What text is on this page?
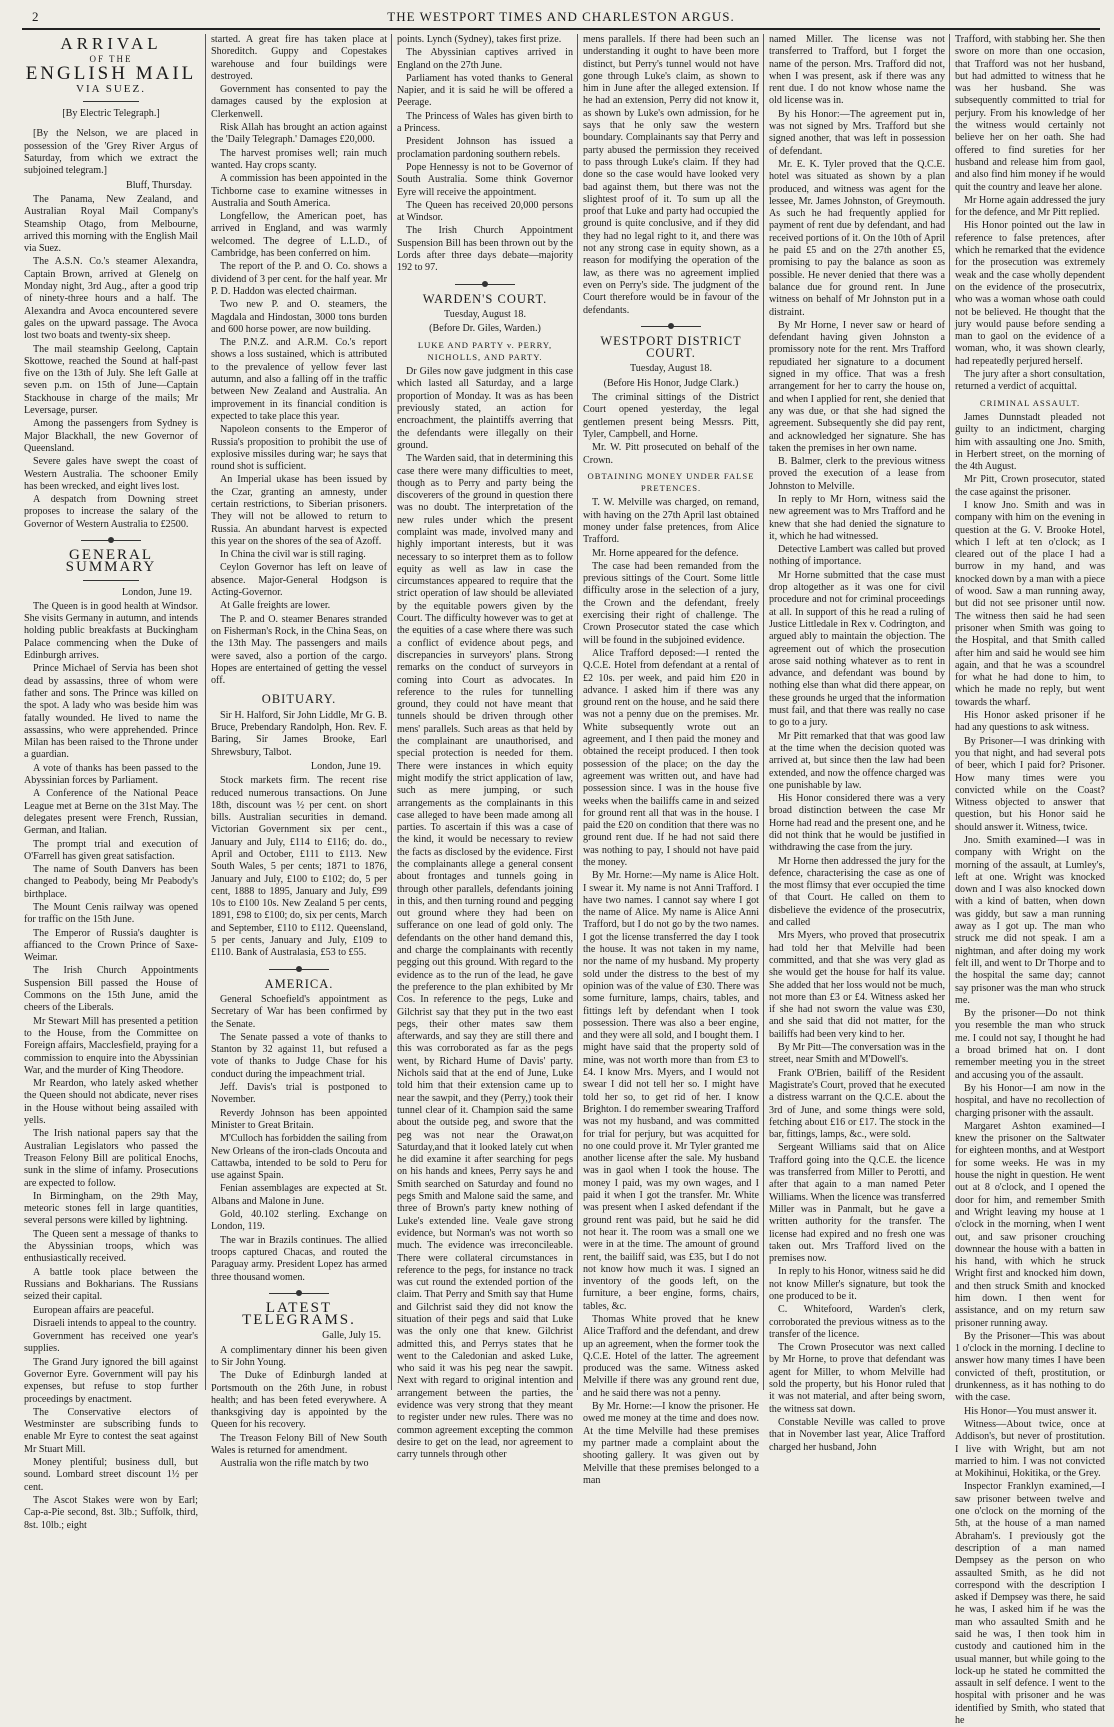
2	THE WESTPORT TIMES AND CHARLESTON ARGUS.
ARRIVAL
OF THE
ENGLISH MAIL
VIA SUEZ.

[By Electric Telegraph.]

[By the Nelson, we are placed in possession of the 'Grey River Argus of Saturday, from which we extract the subjoined telegram.]

Bluff, Thursday.

The Panama, New Zealand, and Australian Royal Mail Company's Steamship Otago, from Melbourne, arrived this morning with the English Mail via Suez.

The A.S.N. Co.'s steamer Alexandra, Captain Brown, arrived at Glenelg on Monday night, 3rd Aug., after a good trip of ninety-three hours and a half. The Alexandra and Avoca encountered severe gales on the upward passage. The Avoca lost two boats and twenty-six sheep.

The mail steamship Geelong, Captain Skottowe, reached the Sound at half-past five on the 13th of July. She left Galle at seven p.m. on 15th of June—Captain Stackhouse in charge of the mails; Mr Leversage, purser.

Among the passengers from Sydney is Major Blackhall, the new Governor of Queensland.

Severe gales have swept the coast of Western Australia. The schooner Emily has been wrecked, and eight lives lost.

A despatch from Downing street proposes to increase the salary of the Governor of Western Australia to £2500.

GENERAL SUMMARY

London, June 19.

The Queen is in good health at Windsor. She visits Germany in autumn, and intends holding public breakfasts at Buckingham Palace commencing when the Duke of Edinburgh arrives.

Prince Michael of Servia has been shot dead by assassins, three of whom were father and sons. The Prince was killed on the spot. A lady who was beside him was fatally wounded. He lived to name the assassins, who were apprehended. Prince Milan has been raised to the Throne under a guardian.

A vote of thanks has been passed to the Abyssinian forces by Parliament.

A Conference of the National Peace League met at Berne on the 31st May. The delegates present were French, Russian, German, and Italian.

The prompt trial and execution of O'Farrell has given great satisfaction.

The name of South Danvers has been changed to Peabody, being Mr Peabody's birthplace.

The Mount Cenis railway was opened for traffic on the 15th June.

The Emperor of Russia's daughter is affianced to the Crown Prince of Saxe-Weimar.

The Irish Church Appointments Suspension Bill passed the House of Commons on the 15th June, amid the cheers of the Liberals.

Mr Stewart Mill has presented a petition to the House, from the Committee on Foreign affairs, Macclesfield, praying for a commission to enquire into the Abyssinian War, and the murder of King Theodore.

Mr Reardon, who lately asked whether the Queen should not abdicate, never rises in the House without being assailed with yells.

The Irish national papers say that the Australian Legislators who passed the Treason Felony Bill are political Enochs, sunk in the slime of infamy. Prosecutions are expected to follow.

In Birmingham, on the 29th May, meteoric stones fell in large quantities, several persons were killed by lightning.

The Queen sent a message of thanks to the Abyssinian troops, which was enthusiastically received.

A battle took place between the Russians and Bokharians. The Russians seized their capital.

European affairs are peaceful.

Disraeli intends to appeal to the country.

Government has received one year's supplies.

The Grand Jury ignored the bill against Governor Eyre. Government will pay his expenses, but refuse to stop further proceedings by enactment.

The Conservative electors of Westminster are subscribing funds to enable Mr Eyre to contest the seat against Mr Stuart Mill.

Money plentiful; business dull, but sound. Lombard street discount 1½ per cent.

The Ascot Stakes were won by Earl; Cap-a-Pie second, 8st. 3lb.; Suffolk, third, 8st. 10lb.; eight

started. A great fire has taken place at Shoreditch. Guppy and Copestakes warehouse and four buildings were destroyed.

Government has consented to pay the damages caused by the explosion at Clerkenwell.

Risk Allah has brought an action against the 'Daily Telegraph.' Damages £20,000.

The harvest promises well; rain much wanted. Hay crops scanty.

A commission has been appointed in the Tichborne case to examine witnesses in Australia and South America.

Longfellow, the American poet, has arrived in England, and was warmly welcomed. The degree of L.L.D., of Cambridge, has been conferred on him.

The report of the P. and O. Co. shows a dividend of 3 per cent. for the half year. Mr P. D. Haddon was elected chairman.

Two new P. and O. steamers, the Magdala and Hindostan, 3000 tons burden and 600 horse power, are now building.

The P.N.Z. and A.R.M. Co.'s report shows a loss sustained, which is attributed to the prevalence of yellow fever last autumn, and also a falling off in the traffic between New Zealand and Australia. An improvement in its financial condition is expected to take place this year.

Napoleon consents to the Emperor of Russia's proposition to prohibit the use of explosive missiles during war; he says that round shot is sufficient.

An Imperial ukase has been issued by the Czar, granting an amnesty, under certain restrictions, to Siberian prisoners. They will not be allowed to return to Russia. An abundant harvest is expected this year on the shores of the sea of Azoff.

In China the civil war is still raging.

Ceylon Governor has left on leave of absence. Major-General Hodgson is Acting-Governor.

At Galle freights are lower.

The P. and O. steamer Benares stranded on Fisherman's Rock, in the China Seas, on the 13th May. The passengers and mails were saved, also a portion of the cargo. Hopes are entertained of getting the vessel off.

OBITUARY.

Sir H. Halford, Sir John Liddle, Mr G. B. Bruce, Prebendary Randolph, Hon. Rev. F. Baring, Sir James Brooke, Earl Shrewsbury, Talbot.

London, June 19.

Stock markets firm. The recent rise reduced numerous transactions. On June 18th, discount was ½ per cent. on short bills. Australian securities in demand. Victorian Government six per cent., January and July, £114 to £116; do. do., April and October, £111 to £113. New South Wales, 5 per cents; 1871 to 1876, January and July, £100 to £102; do, 5 per cent, 1888 to 1895, January and July, £99 10s to £100 10s. New Zealand 5 per cents, 1891, £98 to £100; do, six per cents, March and September, £110 to £112. Queensland, 5 per cents, January and July, £109 to £110. Bank of Australasia, £53 to £55.

AMERICA.

General Schoefield's appointment as Secretary of War has been confirmed by the Senate.

The Senate passed a vote of thanks to Stanton by 32 against 11, but refused a vote of thanks to Judge Chase for his conduct during the impeachment trial.

Jeff. Davis's trial is postponed to November.

Reverdy Johnson has been appointed Minister to Great Britain.

M'Culloch has forbidden the sailing from New Orleans of the iron-clads Oncouta and Cattawba, intended to be sold to Peru for use against Spain.

Fenian assemblages are expected at St. Albans and Malone in June.

Gold, 40.102 sterling. Exchange on London, 119.

The war in Brazils continues. The allied troops captured Chacas, and routed the Paraguay army. President Lopez has armed three thousand women.

LATEST TELEGRAMS.

Galle, July 15.

A complimentary dinner his been given to Sir John Young.

The Duke of Edinburgh landed at Portsmouth on the 26th June, in robust health; and has been feted everywhere. A thanksgiving day is appointed by the Queen for his recovery.

The Treason Felony Bill of New South Wales is returned for amendment.

Australia won the rifle match by two

points. Lynch (Sydney), takes first prize.

The Abyssinian captives arrived in England on the 27th June.

Parliament has voted thanks to General Napier, and it is said he will be offered a Peerage.

The Princess of Wales has given birth to a Princess.

President Johnson has issued a proclamation pardoning southern rebels.

Pope Hennessy is not to be Governor of South Australia. Some think Governor Eyre will receive the appointment.

The Queen has received 20,000 persons at Windsor.

The Irish Church Appointment Suspension Bill has been thrown out by the Lords after three days debate—majority 192 to 97.

WARDEN'S COURT.

Tuesday, August 18.

(Before Dr. Giles, Warden.)

LUKE AND PARTY v. PERRY, NICHOLLS, AND PARTY.

Dr Giles now gave judgment in this case which lasted all Saturday, and a large proportion of Monday. It was as has been previously stated, an action for encroachment, the plaintiffs averring that the defendants were illegally on their ground.

The Warden said, that in determining this case there were many difficulties to meet, though as to Perry and party being the discoverers of the ground in question there was no doubt. The interpretation of the new rules under which the present complaint was made, involved many and highly important interests, but it was necessary to so interpret them as to follow equity as well as law in case the circumstances appeared to require that the strict operation of law should be alleviated by the equitable powers given by the Court. The difficulty however was to get at the equities of a case where there was such a conflict of evidence about pegs, and discrepancies in surveyors' plans. Strong remarks on the conduct of surveyors in coming into Court as advocates. In reference to the rules for tunnelling ground, they could not have meant that tunnels should be driven through other mens' parallels. Such areas as that held by the complainant are unauthorised, and special protection is needed for them. There were instances in which equity might modify the strict application of law, such as mere jumping, or such arrangements as the complainants in this case alleged to have been made among all parties. To ascertain if this was a case of the kind, it would be necessary to review the facts as disclosed by the evidence. First the complainants allege a general consent about frontages and tunnels going in through other parallels, defendants joining in this, and then turning round and pegging out ground where they had been on sufferance on one lead of gold only. The defendants on the other hand demand this, and charge the complainants with recently pegging out this ground. With regard to the evidence as to the run of the lead, he gave the preference to the plan exhibited by Mr Cos. In reference to the pegs, Luke and Gilchrist say that they put in the two east pegs, their other mates saw them afterwards, and say they are still there and this was corroborated as far as the pegs went, by Richard Hume of Davis' party. Nichols said that at the end of June, Luke told him that their extension came up to near the sawpit, and they (Perry,) took their tunnel clear of it. Champion said the same about the outside peg, and swore that the peg was not near the Orawat,on Saturday,and that it looked lately cut when he did examine it after searching for pegs on his hands and knees, Perry says he and Smith searched on Saturday and found no pegs Smith and Malone said the same, and three of Brown's party knew nothing of Luke's extended line. Veale gave strong evidence, but Norman's was not worth so much. The evidence was irreconcileable. There were collateral circumstances in reference to the pegs, for instance no track was cut round the extended portion of the claim. That Perry and Smith say that Hume and Gilchrist said they did not know the situation of their pegs and said that Luke was the only one that knew. Gilchrist admitted this, and Perrys states that he went to the Caledonian and asked Luke, who said it was his peg near the sawpit. Next with regard to original intention and arrangement between the parties, the evidence was very strong that they meant to register under new rules. There was no common agreement excepting the common desire to get on the lead, nor agreement to carry tunnels through other

mens parallels. If there had been such an understanding it ought to have been more distinct, but Perry's tunnel would not have gone through Luke's claim, as shown to him in June after the alleged extension. If he had an extension, Perry did not know it, as shown by Luke's own admission, for he says that he only saw the western boundary. Complainants say that Perry and party abused the permission they received to pass through Luke's claim. If they had done so the case would have looked very bad against them, but there was not the slightest proof of it. To sum up all the proof that Luke and party had occupied the ground is quite conclusive, and if they did they had no legal right to it, and there was not any strong case in equity shown, as a reason for modifying the operation of the law, as there was no agreement implied even on Perry's side. The judgment of the Court therefore would be in favour of the defendants.

WESTPORT DISTRICT COURT.

Tuesday, August 18.

(Before His Honor, Judge Clark.)

The criminal sittings of the District Court opened yesterday, the legal gentlemen present being Messrs. Pitt, Tyler, Campbell, and Horne.

Mr. W. Pitt prosecuted on behalf of the Crown.

OBTAINING MONEY UNDER FALSE PRETENCES.

T. W. Melville was charged, on remand, with having on the 27th April last obtained money under false pretences, from Alice Trafford.

Mr. Horne appeared for the defence.

The case had been remanded from the previous sittings of the Court. Some little difficulty arose in the selection of a jury, the Crown and the defendant, freely exercising their right of challenge. The Crown Prosecutor stated the case which will be found in the subjoined evidence.

Alice Trafford deposed:—I rented the Q.C.E. Hotel from defendant at a rental of £2 10s. per week, and paid him £20 in advance. I asked him if there was any ground rent on the house, and he said there was not a penny due on the premises. Mr. White subsequently wrote out an agreement, and I then paid the money and obtained the receipt produced. I then took possession of the place; on the day the agreement was written out, and have had possession since. I was in the house five weeks when the bailiffs came in and seized for ground rent all that was in the house. I paid the £20 on condition that there was no ground rent due. If he had not said there was nothing to pay, I should not have paid the money.

By Mr. Horne:—My name is Alice Holt. I swear it. My name is not Anni Trafford. I have two names. I cannot say where I got the name of Alice. My name is Alice Anni Trafford, but I do not go by the two names. I got the license transferred the day I took the house. It was not taken in my name, nor the name of my husband. My property sold under the distress to the best of my opinion was of the value of £30. There was some furniture, lamps, chairs, tables, and fittings left by defendant when I took possession. There was also a beer engine, and they were all sold, and I bought them. I might have said that the property sold of mine, was not worth more than from £3 to £4. I know Mrs. Myers, and I would not swear I did not tell her so. I might have told her so, to get rid of her. I know Brighton. I do remember swearing Trafford was not my husband, and was committed for trial for perjury, but was acquitted for no one could prove it. Mr Tyler granted me another license after the sale. My husband was in gaol when I took the house. The money I paid, was my own wages, and I paid it when I got the transfer. Mr. White was present when I asked defendant if the ground rent was paid, but he said he did not hear it. The room was a small one we were in at the time. The amount of ground rent, the bailiff said, was £35, but I do not not know how much it was. I signed an inventory of the goods left, on the furniture, a beer engine, forms, chairs, tables, &c.

Thomas White proved that he knew Alice Trafford and the defendant, and drew up an agreement, when the former took the Q.C.E. Hotel of the latter. The agreement produced was the same. Witness asked Melville if there was any ground rent due, and he said there was not a penny.

By Mr. Horne:—I know the prisoner. He owed me money at the time and does now. At the time Melville had these premises my partner made a complaint about the shooting gallery. It was given out by Melville that these premises belonged to a man

named Miller. The license was not transferred to Trafford, but I forget the name of the person. Mrs. Trafford did not, when I was present, ask if there was any rent due. I do not know whose name the old license was in.

By his Honor:—The agreement put in, was not signed by Mrs. Trafford but she signed another, that was left in possession of defendant.

Mr. E. K. Tyler proved that the Q.C.E. hotel was situated as shown by a plan produced, and witness was agent for the lessee, Mr. James Johnston, of Greymouth. As such he had frequently applied for payment of rent due by defendant, and had received portions of it. On the 10th of April he paid £5 and on the 27th another £5, promising to pay the balance as soon as possible. He never denied that there was a balance due for ground rent. In June witness on behalf of Mr Johnston put in a distraint.

By Mr Horne, I never saw or heard of defendant having given Johnston a promissory note for the rent. Mrs Trafford repudiated her signature to a document signed in my office. That was a fresh arrangement for her to carry the house on, and when I applied for rent, she denied that any was due, or that she had signed the agreement. Subsequently she did pay rent, and acknowledged her signature. She has taken the premises in her own name.

B. Balmer, clerk to the previous witness proved the execution of a lease from Johnston to Melville.

In reply to Mr Horn, witness said the new agreement was to Mrs Trafford and he knew that she had denied the signature to it, which he had witnessed.

Detective Lambert was called but proved nothing of importance.

Mr Horne submitted that the case must drop altogether as it was one for civil procedure and not for criminal proceedings at all. In support of this he read a ruling of Justice Littledale in Rex v. Codrington, and argued ably to maintain the objection. The agreement out of which the prosecution arose said nothing whatever as to rent in advance, and defendant was bound by nothing else than what did there appear, on these grounds he urged that the information must fail, and that there was really no case to go to a jury.

Mr Pitt remarked that that was good law at the time when the decision quoted was arrived at, but since then the law had been extended, and now the offence charged was one punishable by law.

His Honor considered there was a very broad distinction between the case Mr Horne had read and the present one, and he did not think that he would be justified in withdrawing the case from the jury.

Mr Horne then addressed the jury for the defence, characterising the case as one of the most flimsy that ever occupied the time of that Court. He called on them to disbelieve the evidence of the prosecutrix, and called

Mrs Myers, who proved that prosecutrix had told her that Melville had been committed, and that she was very glad as she would get the house for half its value. She added that her loss would not be much, not more than £3 or £4. Witness asked her if she had not sworn the value was £30, and she said that did not matter, for the bailiffs had been very kind to her.

By Mr Pitt—The conversation was in the street, near Smith and M'Dowell's.

Frank O'Brien, bailiff of the Resident Magistrate's Court, proved that he executed a distress warrant on the Q.C.E. about the 3rd of June, and some things were sold, fetching about £16 or £17. The stock in the bar, fittings, lamps, &c., were sold.

Sergeant Williams said that on Alice Trafford going into the Q.C.E. the licence was transferred from Miller to Perotti, and after that again to a man named Peter Williams. When the licence was transferred Miller was in Panmalt, but he gave a written authority for the transfer. The license had expired and no fresh one was taken out. Mrs Trafford lived on the premises now.

In reply to his Honor, witness said he did not know Miller's signature, but took the one produced to be it.

C. Whitefoord, Warden's clerk, corroborated the previous witness as to the transfer of the licence.

The Crown Prosecutor was next called by Mr Horne, to prove that defendant was agent for Miller, to whom Melville had sold the property, but his Honor ruled that it was not material, and after being sworn, the witness sat down.

Constable Neville was called to prove that in November last year, Alice Trafford charged her husband, John

Trafford, with stabbing her. She then swore on more than one occasion, that Trafford was not her husband, but had admitted to witness that he was her husband. She was subsequently committed to trial for perjury. From his knowledge of her the witness would certainly not believe her on her oath. She had offered to find sureties for her husband and release him from gaol, and also find him money if he would quit the country and leave her alone.

Mr Horne again addressed the jury for the defence, and Mr Pitt replied.

His Honor pointed out the law in reference to false pretences, after which he remarked that the evidence for the prosecution was extremely weak and the case wholly dependent on the evidence of the prosecutrix, who was a woman whose oath could not be believed. He thought that the jury would pause before sending a man to gaol on the evidence of a woman, who, it was shown clearly, had repeatedly perjured herself.

The jury after a short consultation, returned a verdict of acquittal.

CRIMINAL ASSAULT.

James Dunnstadt pleaded not guilty to an indictment, charging him with assaulting one Jno. Smith, in Herbert street, on the morning of the 4th August.

Mr Pitt, Crown prosecutor, stated the case against the prisoner.

I know Jno. Smith and was in company with him on the evening in question at the G. V. Brooke Hotel, which I left at ten o'clock; as I cleared out of the place I had a burrow in my hand, and was knocked down by a man with a piece of wood. Saw a man running away, but did not see prisoner until now. The witness then said he had seen prisoner when Smith was going to the Hospital, and that Smith called after him and said he would see him again, and that he was a scoundrel for what he had done to him, to which he made no reply, but went towards the wharf.

His Honor asked prisoner if he had any questions to ask witness.

By Prisoner—I was drinking with you that night, and had several pots of beer, which I paid for? Prisoner. How many times were you convicted while on the Coast? Witness objected to answer that question, but his Honor said he should answer it. Witness, twice.

Jno. Smith examined—I was in company with Wright on the morning of the assault, at Lumley's, left at one. Wright was knocked down and I was also knocked down with a kind of batten, when down was giddy, but saw a man running away as I got up. The man who struck me did not speak. I am a nightman, and after doing my work felt ill, and went to Dr Thorpe and to the hospital the same day; cannot say prisoner was the man who struck me.

By the prisoner—Do not think you resemble the man who struck me. I could not say, I thought he had a broad brimed hat on. I dont remember meeting you in the street and accusing you of the assault.

By his Honor—I am now in the hospital, and have no recollection of charging prisoner with the assault.

Margaret Ashton examined—I knew the prisoner on the Saltwater for eighteen months, and at Westport for some weeks. He was in my house the night in question. He went out at 8 o'clock, and I opened the door for him, and remember Smith and Wright leaving my house at 1 o'clock in the morning, when I went out, and saw prisoner crouching downnear the house with a batten in his hand, with which he struck Wright first and knocked him down, and then struck Smith and knocked him down. I then went for assistance, and on my return saw prisoner running away.

By the Prisoner—This was about 1 o'clock in the morning. I decline to answer how many times I have been convicted of theft, prostitution, or drunkenness, as it has nothing to do with the case.

His Honor—You must answer it.

Witness—About twice, once at Addison's, but never of prostitution. I live with Wright, but am not married to him. I was not convicted at Mokihinui, Hokitika, or the Grey.

Inspector Franklyn examined,—I saw prisoner between twelve and one o'clock on the morning of the 5th, at the house of a man named Abraham's. I previously got the description of a man named Dempsey as the person on who assaulted Smith, as he did not correspond with the description I asked if Dempsey was there, he said he was, I asked him if he was the man who assaulted Smith and he said he was, I then took him in custody and cautioned him in the usual manner, but while going to the lock-up he stated he committed the assault in self defence. I went to the hospital with prisoner and he was identified by Smith, who stated that he
